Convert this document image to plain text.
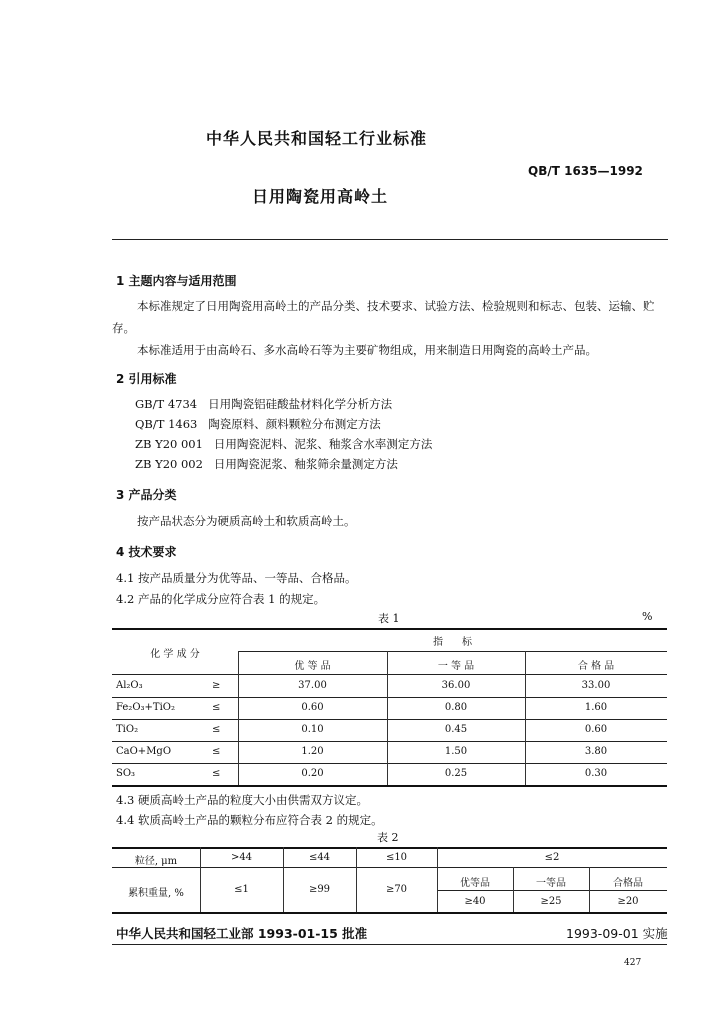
中华人民共和国轻工行业标准
QB/T 1635—1992
日用陶瓷用高岭土
1 主题内容与适用范围
本标准规定了日用陶瓷用高岭土的产品分类、技术要求、试验方法、检验规则和标志、包装、运输、贮
存。
本标准适用于由高岭石、多水高岭石等为主要矿物组成，用来制造日用陶瓷的高岭土产品。
2 引用标准
GB/T 4734   日用陶瓷铝硅酸盐材料化学分析方法
QB/T 1463   陶瓷原料、颜料颗粒分布测定方法
ZB Y20 001   日用陶瓷泥料、泥浆、釉浆含水率测定方法
ZB Y20 002   日用陶瓷泥浆、釉浆筛余量测定方法
3 产品分类
按产品状态分为硬质高岭土和软质高岭土。
4 技术要求
4.1 按产品质量分为优等品、一等品、合格品。
4.2 产品的化学成分应符合表 1 的规定。
表 1	%
化 学 成 分
指      标
优 等 品	一 等 品	合 格 品
Al₂O₃	≥	37.00	36.00	33.00
Fe₂O₃+TiO₂	≤	0.60	0.80	1.60
TiO₂	≤	0.10	0.45	0.60
CaO+MgO	≤	1.20	1.50	3.80
SO₃	≤	0.20	0.25	0.30
4.3 硬质高岭土产品的粒度大小由供需双方议定。
4.4 软质高岭土产品的颗粒分布应符合表 2 的规定。
表 2
粒径, μm	>44	≤44	≤10	≤2
累积重量, %	≤1	≥99	≥70
优等品	一等品	合格品
≥40	≥25	≥20
中华人民共和国轻工业部 1993-01-15 批准	1993-09-01 实施
427
